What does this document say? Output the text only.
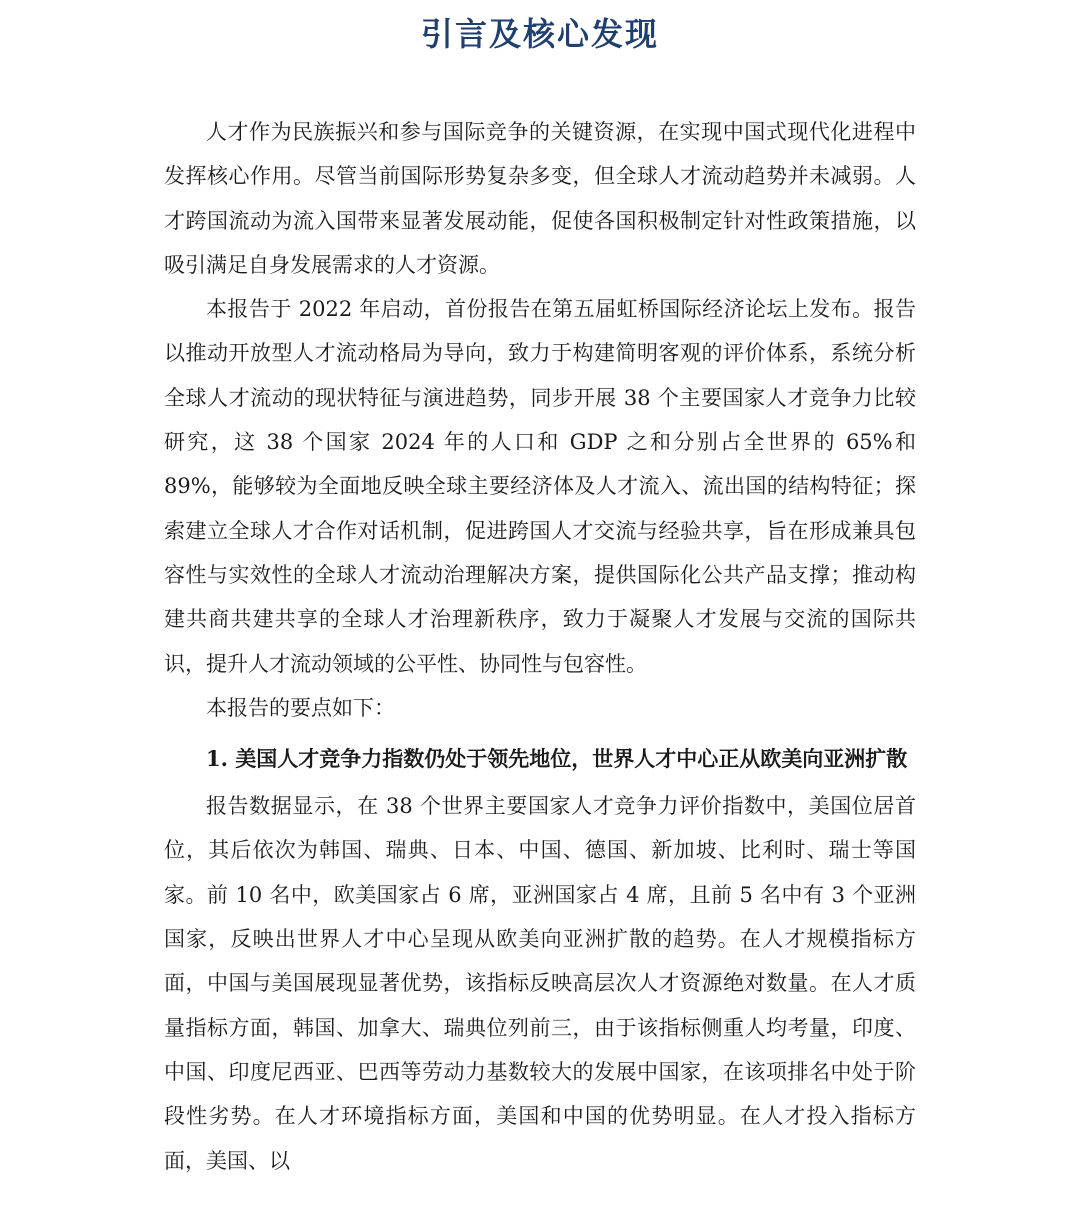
引言及核心发现

人才作为民族振兴和参与国际竞争的关键资源，在实现中国式现代化进程中发挥核心作用。尽管当前国际形势复杂多变，但全球人才流动趋势并未减弱。人才跨国流动为流入国带来显著发展动能，促使各国积极制定针对性政策措施，以吸引满足自身发展需求的人才资源。

本报告于 2022 年启动，首份报告在第五届虹桥国际经济论坛上发布。报告以推动开放型人才流动格局为导向，致力于构建简明客观的评价体系，系统分析全球人才流动的现状特征与演进趋势，同步开展 38 个主要国家人才竞争力比较研究，这 38 个国家 2024 年的人口和 GDP 之和分别占全世界的 65%和 89%，能够较为全面地反映全球主要经济体及人才流入、流出国的结构特征；探索建立全球人才合作对话机制，促进跨国人才交流与经验共享，旨在形成兼具包容性与实效性的全球人才流动治理解决方案，提供国际化公共产品支撑；推动构建共商共建共享的全球人才治理新秩序，致力于凝聚人才发展与交流的国际共识，提升人才流动领域的公平性、协同性与包容性。

本报告的要点如下：

1. 美国人才竞争力指数仍处于领先地位，世界人才中心正从欧美向亚洲扩散

报告数据显示，在 38 个世界主要国家人才竞争力评价指数中，美国位居首位，其后依次为韩国、瑞典、日本、中国、德国、新加坡、比利时、瑞士等国家。前 10 名中，欧美国家占 6 席，亚洲国家占 4 席，且前 5 名中有 3 个亚洲国家，反映出世界人才中心呈现从欧美向亚洲扩散的趋势。在人才规模指标方面，中国与美国展现显著优势，该指标反映高层次人才资源绝对数量。在人才质量指标方面，韩国、加拿大、瑞典位列前三，由于该指标侧重人均考量，印度、中国、印度尼西亚、巴西等劳动力基数较大的发展中国家，在该项排名中处于阶段性劣势。在人才环境指标方面，美国和中国的优势明显。在人才投入指标方面，美国、以
